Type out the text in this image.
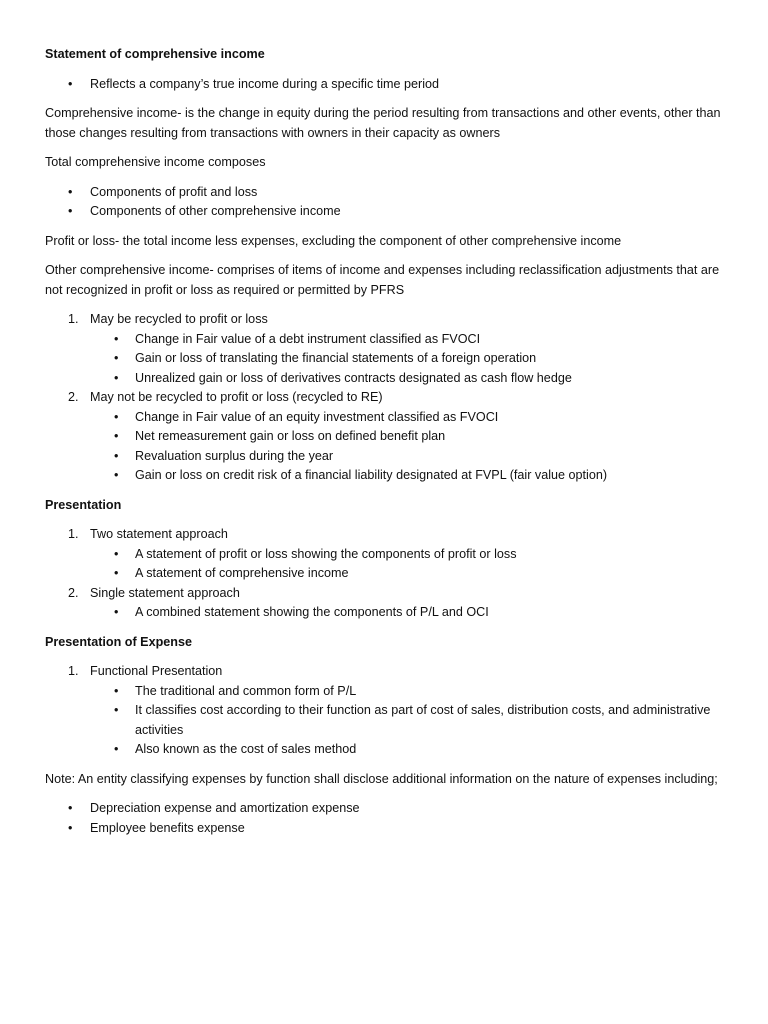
Statement of comprehensive income
• Reflects a company’s true income during a specific time period
Comprehensive income- is the change in equity during the period resulting from transactions and other events, other than those changes resulting from transactions with owners in their capacity as owners
Total comprehensive income composes
• Components of profit and loss
• Components of other comprehensive income
Profit or loss- the total income less expenses, excluding the component of other comprehensive income
Other comprehensive income- comprises of items of income and expenses including reclassification adjustments that are not recognized in profit or loss as required or permitted by PFRS
1. May be recycled to profit or loss
• Change in Fair value of a debt instrument classified as FVOCI
• Gain or loss of translating the financial statements of a foreign operation
• Unrealized gain or loss of derivatives contracts designated as cash flow hedge
2. May not be recycled to profit or loss (recycled to RE)
• Change in Fair value of an equity investment classified as FVOCI
• Net remeasurement gain or loss on defined benefit plan
• Revaluation surplus during the year
• Gain or loss on credit risk of a financial liability designated at FVPL (fair value option)
Presentation
1. Two statement approach
• A statement of profit or loss showing the components of profit or loss
• A statement of comprehensive income
2. Single statement approach
• A combined statement showing the components of P/L and OCI
Presentation of Expense
1. Functional Presentation
• The traditional and common form of P/L
• It classifies cost according to their function as part of cost of sales, distribution costs, and administrative activities
• Also known as the cost of sales method
Note: An entity classifying expenses by function shall disclose additional information on the nature of expenses including;
• Depreciation expense and amortization expense
• Employee benefits expense
